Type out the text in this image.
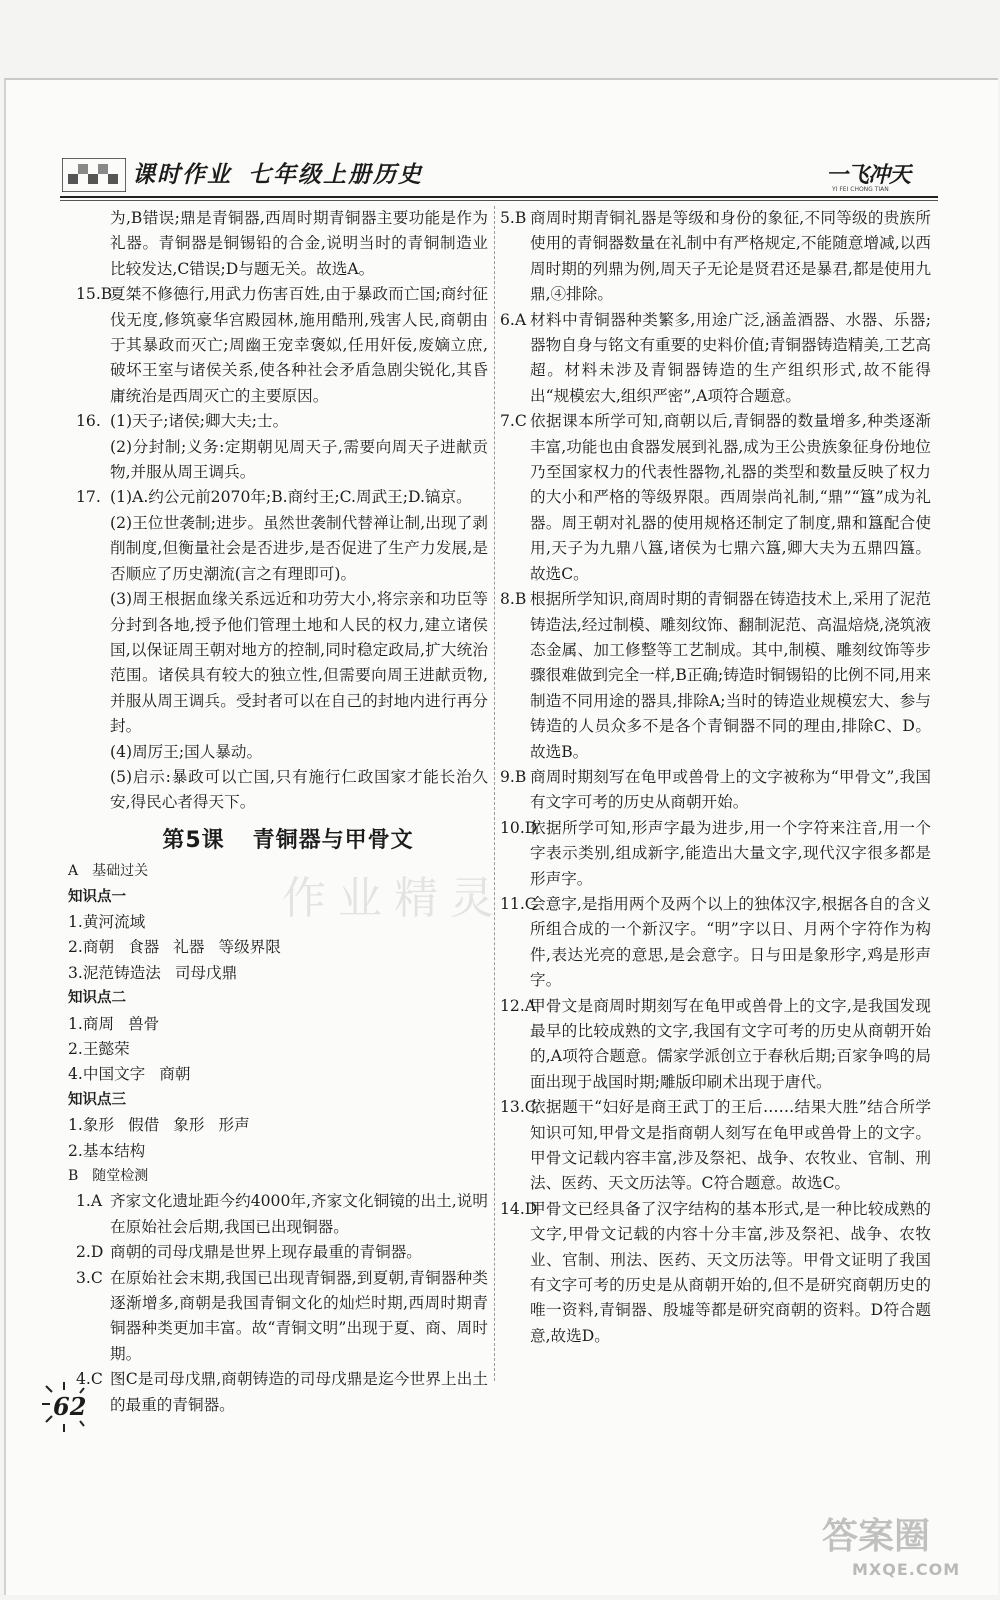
课时作业 七年级上册历史	一飞冲天
YI FEI CHONG TIAN
为,B错误;鼎是青铜器,西周时期青铜器主要功能是作为礼器。青铜器是铜锡铅的合金,说明当时的青铜制造业比较发达,C错误;D与题无关。故选A。
15.B
夏桀不修德行,用武力伤害百姓,由于暴政而亡国;商纣征伐无度,修筑豪华宫殿园林,施用酷刑,残害人民,商朝由于其暴政而灭亡;周幽王宠幸褒姒,任用奸佞,废嫡立庶,破坏王室与诸侯关系,使各种社会矛盾急剧尖锐化,其昏庸统治是西周灭亡的主要原因。
16. (1)天子;诸侯;卿大夫;士。
(2)分封制;义务:定期朝见周天子,需要向周天子进献贡物,并服从周王调兵。
17. (1)A.约公元前2070年;B.商纣王;C.周武王;D.镐京。
(2)王位世袭制;进步。虽然世袭制代替禅让制,出现了剥削制度,但衡量社会是否进步,是否促进了生产力发展,是否顺应了历史潮流(言之有理即可)。
(3)周王根据血缘关系远近和功劳大小,将宗亲和功臣等分封到各地,授予他们管理土地和人民的权力,建立诸侯国,以保证周王朝对地方的控制,同时稳定政局,扩大统治范围。诸侯具有较大的独立性,但需要向周王进献贡物,并服从周王调兵。受封者可以在自己的封地内进行再分封。
(4)周厉王;国人暴动。
(5)启示:暴政可以亡国,只有施行仁政国家才能长治久安,得民心者得天下。
第5课 青铜器与甲骨文
A　基础过关
知识点一
1.黄河流域
2.商朝 食器 礼器 等级界限
3.泥范铸造法 司母戊鼎
知识点二
1.商周 兽骨
2.王懿荣
4.中国文字 商朝
知识点三
1.象形 假借 象形 形声
2.基本结构
B　随堂检测
1.A 齐家文化遗址距今约4000年,齐家文化铜镜的出土,说明在原始社会后期,我国已出现铜器。
2.D 商朝的司母戊鼎是世界上现存最重的青铜器。
3.C 在原始社会末期,我国已出现青铜器,到夏朝,青铜器种类逐渐增多,商朝是我国青铜文化的灿烂时期,西周时期青铜器种类更加丰富。故“青铜文明”出现于夏、商、周时期。
4.C 图C是司母戊鼎,商朝铸造的司母戊鼎是迄今世界上出土的最重的青铜器。
5.B 商周时期青铜礼器是等级和身份的象征,不同等级的贵族所使用的青铜器数量在礼制中有严格规定,不能随意增减,以西周时期的列鼎为例,周天子无论是贤君还是暴君,都是使用九鼎,④排除。
6.A 材料中青铜器种类繁多,用途广泛,涵盖酒器、水器、乐器;器物自身与铭文有重要的史料价值;青铜器铸造精美,工艺高超。材料未涉及青铜器铸造的生产组织形式,故不能得出“规模宏大,组织严密”,A项符合题意。
7.C 依据课本所学可知,商朝以后,青铜器的数量增多,种类逐渐丰富,功能也由食器发展到礼器,成为王公贵族象征身份地位乃至国家权力的代表性器物,礼器的类型和数量反映了权力的大小和严格的等级界限。西周崇尚礼制,“鼎”“簋”成为礼器。周王朝对礼器的使用规格还制定了制度,鼎和簋配合使用,天子为九鼎八簋,诸侯为七鼎六簋,卿大夫为五鼎四簋。故选C。
8.B 根据所学知识,商周时期的青铜器在铸造技术上,采用了泥范铸造法,经过制模、雕刻纹饰、翻制泥范、高温焙烧,浇筑液态金属、加工修整等工艺制成。其中,制模、雕刻纹饰等步骤很难做到完全一样,B正确;铸造时铜锡铅的比例不同,用来制造不同用途的器具,排除A;当时的铸造业规模宏大、参与铸造的人员众多不是各个青铜器不同的理由,排除C、D。故选B。
9.B 商周时期刻写在龟甲或兽骨上的文字被称为“甲骨文”,我国有文字可考的历史从商朝开始。
10.D
依据所学可知,形声字最为进步,用一个字符来注音,用一个字表示类别,组成新字,能造出大量文字,现代汉字很多都是形声字。
11.C
会意字,是指用两个及两个以上的独体汉字,根据各自的含义所组合成的一个新汉字。“明”字以日、月两个字符作为构件,表达光亮的意思,是会意字。日与田是象形字,鸡是形声字。
12.A
甲骨文是商周时期刻写在龟甲或兽骨上的文字,是我国发现最早的比较成熟的文字,我国有文字可考的历史从商朝开始的,A项符合题意。儒家学派创立于春秋后期;百家争鸣的局面出现于战国时期;雕版印刷术出现于唐代。
13.C
依据题干“妇好是商王武丁的王后……结果大胜”结合所学知识可知,甲骨文是指商朝人刻写在龟甲或兽骨上的文字。甲骨文记载内容丰富,涉及祭祀、战争、农牧业、官制、刑法、医药、天文历法等。C符合题意。故选C。
14.D
甲骨文已经具备了汉字结构的基本形式,是一种比较成熟的文字,甲骨文记载的内容十分丰富,涉及祭祀、战争、农牧业、官制、刑法、医药、天文历法等。甲骨文证明了我国有文字可考的历史是从商朝开始的,但不是研究商朝历史的唯一资料,青铜器、殷墟等都是研究商朝的资料。D符合题意,故选D。
62
作业精灵
答案圈
MXQE.COM
